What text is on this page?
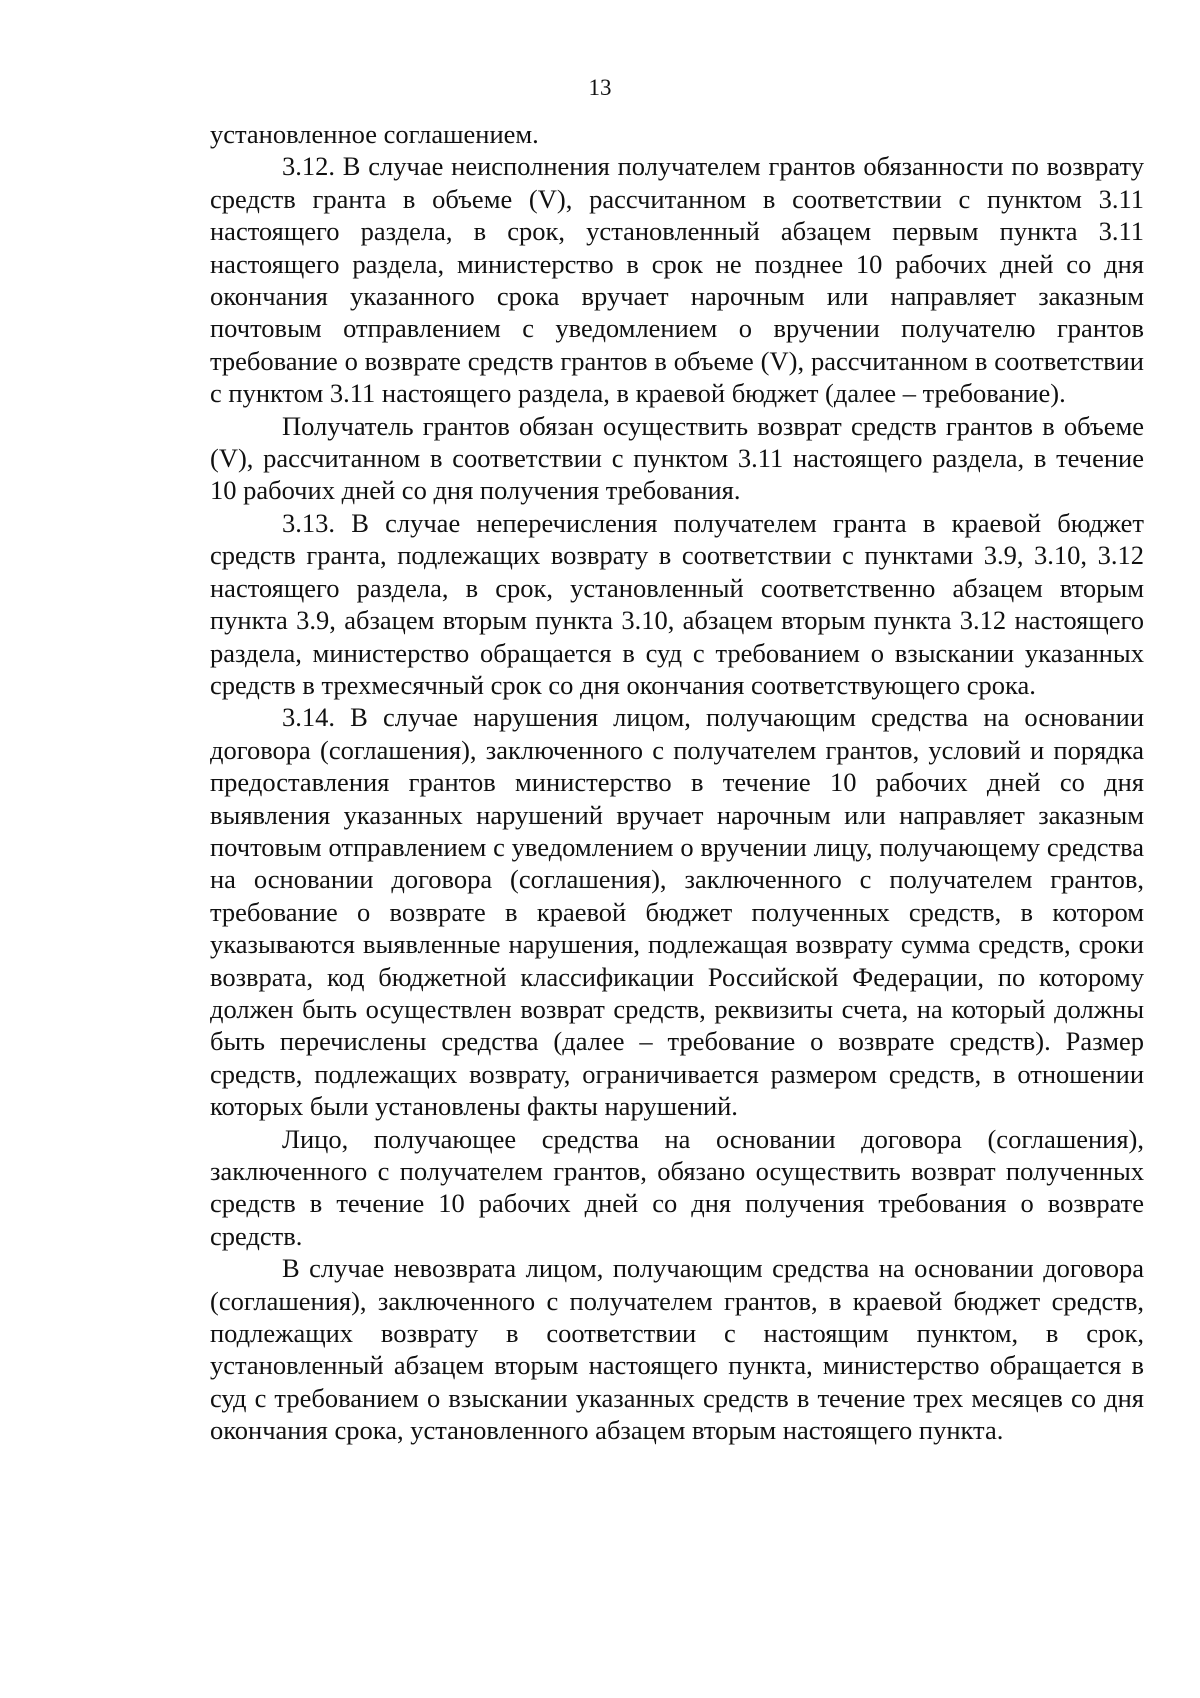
13

установленное соглашением.

3.12. В случае неисполнения получателем грантов обязанности по возврату средств гранта в объеме (V), рассчитанном в соответствии с пунктом 3.11 настоящего раздела, в срок, установленный абзацем первым пункта 3.11 настоящего раздела, министерство в срок не позднее 10 рабочих дней со дня окончания указанного срока вручает нарочным или направляет заказным почтовым отправлением с уведомлением о вручении получателю грантов требование о возврате средств грантов в объеме (V), рассчитанном в соответствии с пунктом 3.11 настоящего раздела, в краевой бюджет (далее – требование).

Получатель грантов обязан осуществить возврат средств грантов в объеме (V), рассчитанном в соответствии с пунктом 3.11 настоящего раздела, в течение 10 рабочих дней со дня получения требования.

3.13. В случае неперечисления получателем гранта в краевой бюджет средств гранта, подлежащих возврату в соответствии с пунктами 3.9, 3.10, 3.12 настоящего раздела, в срок, установленный соответственно абзацем вторым пункта 3.9, абзацем вторым пункта 3.10, абзацем вторым пункта 3.12 настоящего раздела, министерство обращается в суд с требованием о взыскании указанных средств в трехмесячный срок со дня окончания соответствующего срока.

3.14. В случае нарушения лицом, получающим средства на основании договора (соглашения), заключенного с получателем грантов, условий и порядка предоставления грантов министерство в течение 10 рабочих дней со дня выявления указанных нарушений вручает нарочным или направляет заказным почтовым отправлением с уведомлением о вручении лицу, получающему средства на основании договора (соглашения), заключенного с получателем грантов, требование о возврате в краевой бюджет полученных средств, в котором указываются выявленные нарушения, подлежащая возврату сумма средств, сроки возврата, код бюджетной классификации Российской Федерации, по которому должен быть осуществлен возврат средств, реквизиты счета, на который должны быть перечислены средства (далее – требование о возврате средств). Размер средств, подлежащих возврату, ограничивается размером средств, в отношении которых были установлены факты нарушений.

Лицо, получающее средства на основании договора (соглашения), заключенного с получателем грантов, обязано осуществить возврат полученных средств в течение 10 рабочих дней со дня получения требования о возврате средств.

В случае невозврата лицом, получающим средства на основании договора (соглашения), заключенного с получателем грантов, в краевой бюджет средств, подлежащих возврату в соответствии с настоящим пунктом, в срок, установленный абзацем вторым настоящего пункта, министерство обращается в суд с требованием о взыскании указанных средств в течение трех месяцев со дня окончания срока, установленного абзацем вторым настоящего пункта.
